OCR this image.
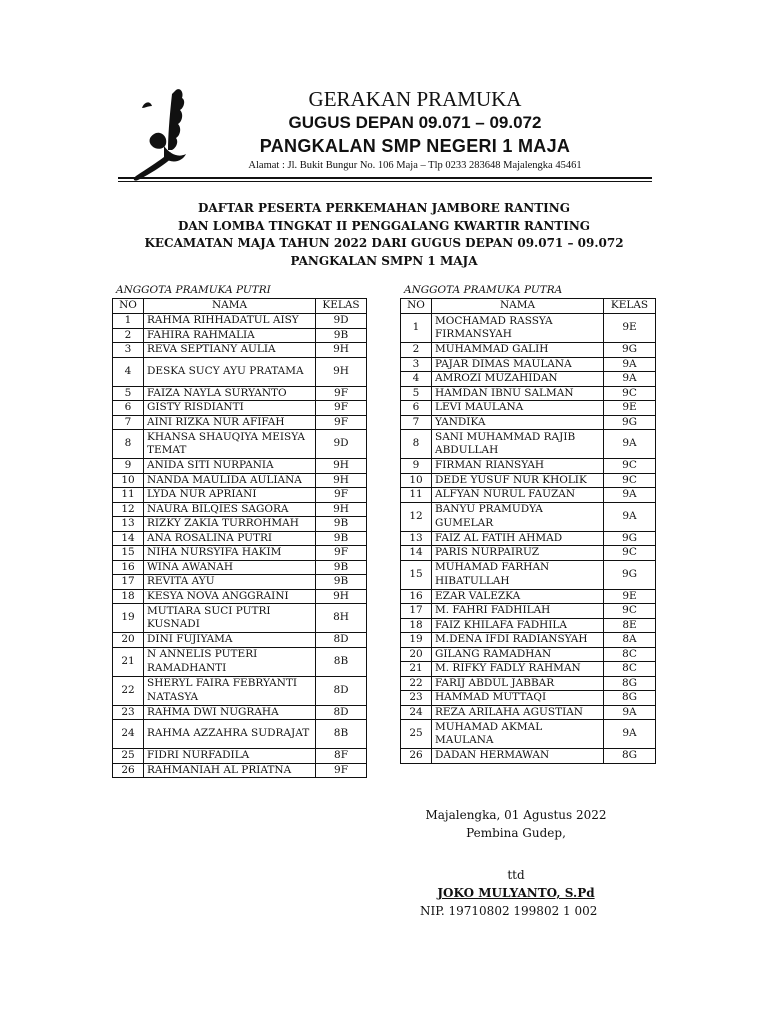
GERAKAN PRAMUKA
GUGUS DEPAN 09.071 – 09.072
PANGKALAN SMP NEGERI 1 MAJA
Alamat : Jl. Bukit Bungur No. 106 Maja – Tlp 0233 283648 Majalengka 45461
DAFTAR PESERTA PERKEMAHAN JAMBORE RANTING
DAN LOMBA TINGKAT II PENGGALANG KWARTIR RANTING
KECAMATAN MAJA TAHUN 2022 DARI GUGUS DEPAN 09.071 – 09.072
PANGKALAN SMPN 1 MAJA
ANGGOTA PRAMUKA PUTRI	ANGGOTA PRAMUKA PUTRA
NO	NAMA	KELAS
1	RAHMA RIHHADATUL AISY	9D
2	FAHIRA RAHMALIA	9B
3	REVA SEPTIANY AULIA	9H
4	DESKA SUCY AYU PRATAMA	9H
5	FAIZA NAYLA SURYANTO	9F
6	GISTY RISDIANTI	9F
7	AINI RIZKA NUR AFIFAH	9F
8	KHANSA SHAUQIYA MEISYA TEMAT	9D
9	ANIDA SITI NURPANIA	9H
10	NANDA MAULIDA AULIANA	9H
11	LYDA NUR APRIANI	9F
12	NAURA BILQIES SAGORA	9H
13	RIZKY ZAKIA TURROHMAH	9B
14	ANA ROSALINA PUTRI	9B
15	NIHA NURSYIFA HAKIM	9F
16	WINA AWANAH	9B
17	REVITA AYU	9B
18	KESYA NOVA ANGGRAINI	9H
19	MUTIARA SUCI PUTRI KUSNADI	8H
20	DINI FUJIYAMA	8D
21	N ANNELIS PUTERI RAMADHANTI	8B
22	SHERYL FAIRA FEBRYANTI NATASYA	8D
23	RAHMA DWI NUGRAHA	8D
24	RAHMA AZZAHRA SUDRAJAT	8B
25	FIDRI NURFADILA	8F
26	RAHMANIAH AL PRIATNA	9F
NO	NAMA	KELAS
1	MOCHAMAD RASSYA FIRMANSYAH	9E
2	MUHAMMAD GALIH	9G
3	PAJAR DIMAS MAULANA	9A
4	AMROZI MUZAHIDAN	9A
5	HAMDAN IBNU SALMAN	9C
6	LEVI MAULANA	9E
7	YANDIKA	9G
8	SANI MUHAMMAD RAJIB ABDULLAH	9A
9	FIRMAN RIANSYAH	9C
10	DEDE YUSUF NUR KHOLIK	9C
11	ALFYAN NURUL FAUZAN	9A
12	BANYU PRAMUDYA GUMELAR	9A
13	FAIZ AL FATIH AHMAD	9G
14	PARIS NURPAIRUZ	9C
15	MUHAMAD FARHAN HIBATULLAH	9G
16	EZAR VALEZKA	9E
17	M. FAHRI FADHILAH	9C
18	FAIZ KHILAFA FADHILA	8E
19	M.DENA IFDI RADIANSYAH	8A
20	GILANG RAMADHAN	8C
21	M. RIFKY FADLY RAHMAN	8C
22	FARIJ ABDUL JABBAR	8G
23	HAMMAD MUTTAQI	8G
24	REZA ARILAHA AGUSTIAN	9A
25	MUHAMAD AKMAL MAULANA	9A
26	DADAN HERMAWAN	8G
Majalengka, 01 Agustus 2022
Pembina Gudep,
ttd
JOKO MULYANTO, S.Pd
NIP. 19710802 199802 1 002
